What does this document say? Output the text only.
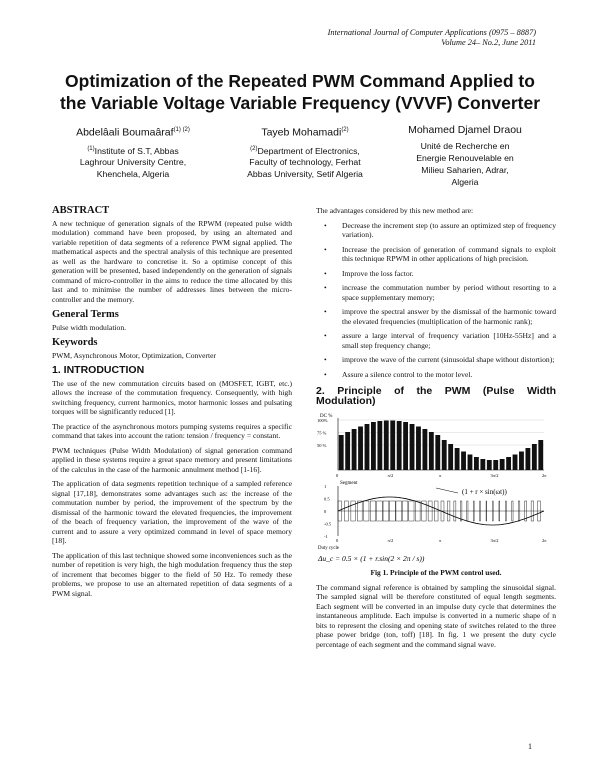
International Journal of Computer Applications (0975 – 8887)
Volume 24– No.2, June 2011
Optimization of the Repeated PWM Command Applied to
the Variable Voltage Variable Frequency (VVVF) Converter
Abdelâali Boumaâraf$^{(1) (2)}$
$^{(1)}$Institute of S.T, Abbas
Laghrour University Centre,
Khenchela, Algeria
Tayeb Mohamadi$^{(2)}$
$^{(2)}$Department of Electronics,
Faculty of technology, Ferhat
Abbas University, Setif Algeria
Mohamed Djamel Draou
Unité de Recherche en
Energie Renouvelable en
Milieu Saharien, Adrar,
Algeria
ABSTRACT

A new technique of generation signals of the RPWM (repeated pulse width modulation) command have been proposed, by using an alternated and variable repetition of data segments of a reference PWM signal applied. The mathematical aspects and the spectral analysis of this technique are presented as well as the hardware to concretise it. So a optimise concept of this generation will be presented, based independently on the generation of signals command of micro-controller in the aims to reduce the time allocated by this last and to minimise the number of addresses lines between the micro-controller and the memory.

General Terms

Pulse width modulation.

Keywords

PWM, Asynchronous Motor, Optimization, Converter

1. INTRODUCTION

The use of the new commutation circuits based on (MOSFET, IGBT, etc.) allows the increase of the commutation frequency. Consequently, with high switching frequency, current harmonics, motor harmonic losses and pulsating torques will be significantly reduced [1].

The practice of the asynchronous motors pumping systems requires a specific command that takes into account the ration: tension / frequency = constant.

PWM techniques (Pulse Width Modulation) of signal generation command applied in these systems require a great space memory and present limitations of the calculus in the case of the harmonic annulment method [1-16].

The application of data segments repetition technique of a sampled reference signal [17,18], demonstrates some advantages such as: the increase of the commutation number by period, the improvement of the spectrum by the dismissal of the harmonic toward the elevated frequencies, the improvement of the beach of frequency variation, the improvement of the wave of the current and to assure a very optimized command in level of space memory [18].

The application of this last technique showed some inconveniences such as the number of repetition is very high, the high modulation frequency thus the step of increment that becomes bigger to the field of 50 Hz. To remedy these problems, we propose to use an alternated repetition of data segments of a PWM signal.

The advantages considered by this new method are:

• Decrease the increment step (to assure an optimized step of frequency variation).
• Increase the precision of generation of command signals to exploit this technique RPWM in other applications of high precision.
• Improve the loss factor.
• increase the commutation number by period without resorting to a space supplementary memory;
• improve the spectral answer by the dismissal of the harmonic toward the elevated frequencies (multiplication of the harmonic rank);
• assure a large interval of frequency variation [10Hz-55Hz] and a small step frequency change;
• improve the wave of the current (sinusoidal shape without distortion);
• Assure a silence control to the motor level.
2. Principle of the PWM (Pulse Width Modulation)
DC %
100%
75 %
50 %
0	π/2	π	3π/2	2π
Segment
1
0.5
0
-0.5
-1
0	π/2	π	3π/2	2π
(1 + r × sin(ωt))
Duty cycle
Δu_c = 0.5 × (1 + r.sin(2 × 2π / s))
Fig 1. Principle of the PWM control used.

The command signal reference is obtained by sampling the sinusoidal signal. The sampled signal will be therefore constituted of equal length segments. Each segment will be converted in an impulse duty cycle that determines the instantaneous amplitude. Each impulse is converted in a numeric shape of n bits to represent the closing and opening state of switches related to the three phase power bridge (ton, toff) [18]. In fig. 1 we present the duty cycle percentage of each segment and the command signal wave.

1
